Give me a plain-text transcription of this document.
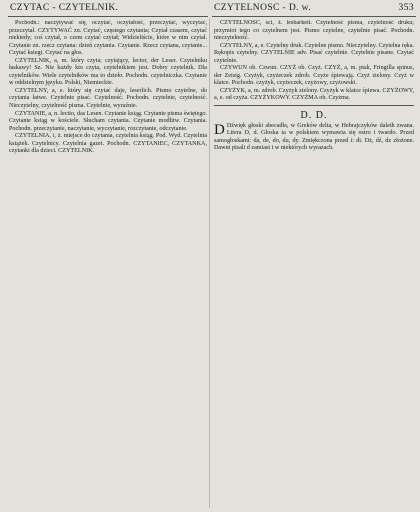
CZYTAC - CZYTELNIK.	CZYTELNOSC - D. w.	353

Pochodn.: naczytywać się, oczytać, oczytałość, przeczytać, wyczytać, przeczytał. CZYTYWAĆ zn. Czytać, częstego czytania; Czytał czasem, czytać niekiedy; coś czytał, o czem czytać czytał; Widzieliście, które w nim czytał. Czytanie zn. rzecz czytana: dzień czytania. Czytanie. Rzecz czytana, czytanie... Czytać ksiegi. Czytać na głos.

CZYTELNIK, a, m. który czyta; czytający, lector, der Leser. Czytelniku łaskawy! Sz. Nie każdy kto czyta, czytelnikiem jest. Dobry czytelnik. Dla czytelników. Wiele czytelników ma to dzieło. Pochodn. czytelniczka. Czytanie w oddzielnym języku. Polski, Niemieckie.

CZYTELNY, a, e. który się czytać daje, leserlich. Pismo czytelne, do czytania łatwe. Czytelnie pisać. Czytelność. Pochodn. czytelnie, czytelność. Nieczytelny, czytelność pisma. Czytelnie, wyraźnie.

CZYTANIE, a, n. lectio, das Lesen. Czytanie ksiąg. Czytanie pisma świętego. Czytanie ksiąg w kościele. Słucham czytania. Czytanie modlitw. Czytania. Pochodn. przeczytanie, naczytanie, wyczytanie, rozczytanie, odczytanie.

CZYTELNIA, i, ż. miejsce do czytania, czytelnia ksiąg. Pod. Wyd. Czytelnia książek. Czytelnicy. Czytelnia gazet. Pochodn. CZYTANIEC, CZYTANKA, czytanki dla dzieci. CZYTELNIK.

CZYTELNOSC, ści, ż. lesbarkeit. Czytelność pisma, czytelność druku; przymiot tego co czytelnem jest. Pismo czytelne, czytelnie pisać. Pochodn. nieczytelność.

CZYTELNY, a, e. Czytelny druk. Czytelne pismo. Nieczytelny. Czytelna ręka. Rękopis czytelny. CZYTELNIE adv. Pisać czytelnie. Czytelnie pisane. Czytać czytelnie.

CZYWUN ob. Czwun. CZYŻ ob. Czyż. CZYŻ, a, m. ptak, Fringilla spinus, der Zeisig. Czyżyk, czyżeczek zdrob. Czyże śpiewają. Czyż zielony. Czyż w klatce. Pochodn. czyżyk, czyżeczek, czyżowy, czyżowski.

CZYŻYK, a, m. zdrob. Czyżyk zielony. Czyżyk w klatce śpiewa. CZYŻOWY, a, e. od czyża. CZYŻYKOWY. CZYŻMA ob. Czyżma.

D. D.

D Dźwięk głoski abecadła, w Greków delta, w Hebrajczyków daleth zwana. Litera D, d. Głoska ta w polskiem wymawia się ostro i twardo. Przed samogłoskami: da, de, do, du, dy. Zmiękczona przed i: di. Dż, dź, dz złożone. Dawni pisali d zamiast t w niektórych wyrazach.
